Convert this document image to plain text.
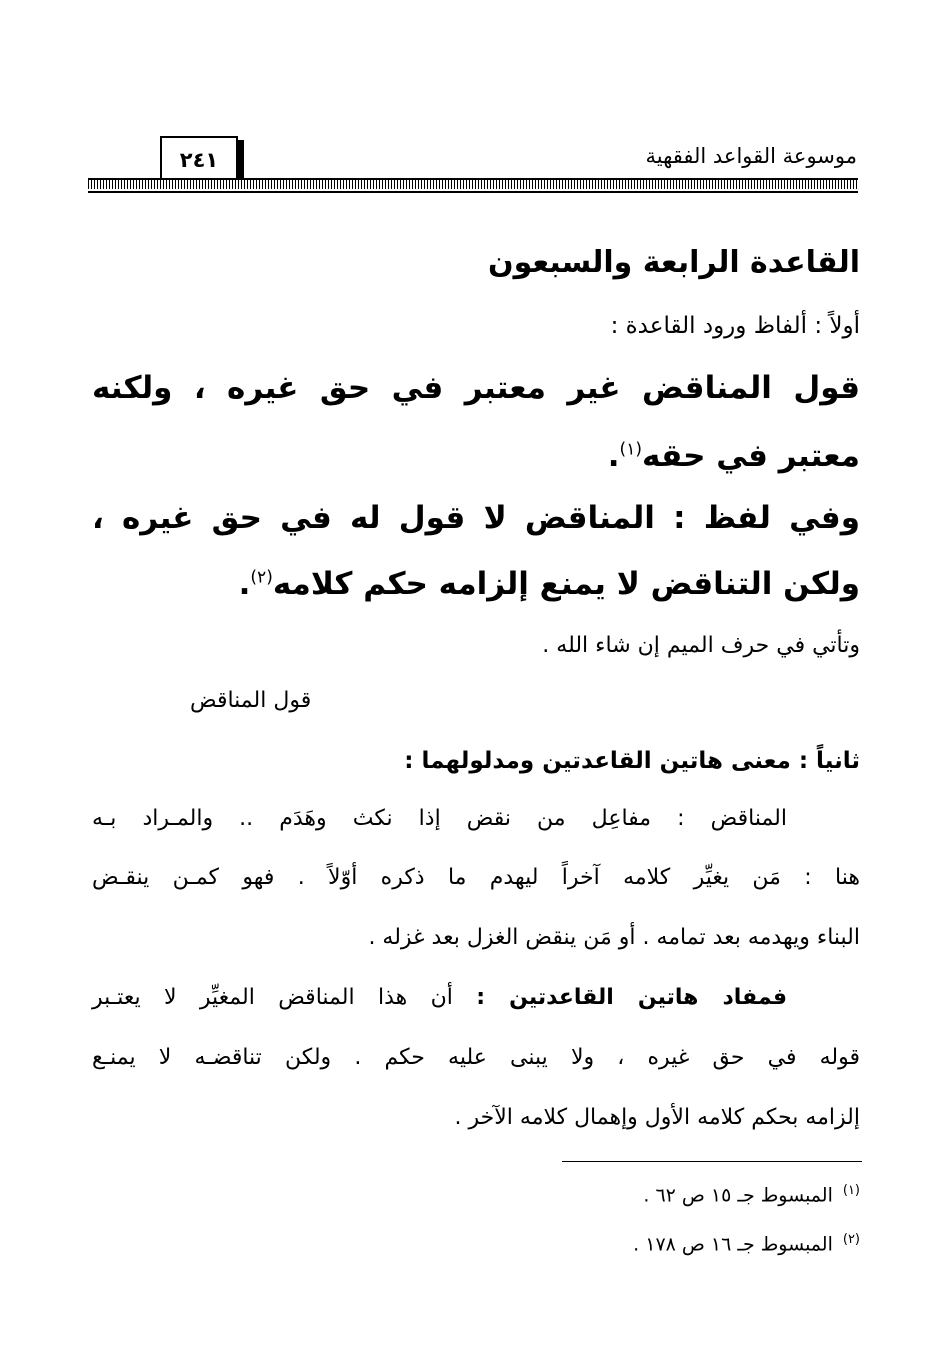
موسوعة القواعد الفقهية
٢٤١
القاعدة الرابعة والسبعون
أولاً : ألفاظ ورود القاعدة :
قول المناقض غير معتبر في حق غيره ، ولكنه
معتبر في حقه$^{(١)}$.
وفي لفظ : المناقض لا قول له في حق غيره ،
ولكن التناقض لا يمنع إلزامه حكم كلامه$^{(٢)}$.
وتأتي في حرف الميم إن شاء الله .
قول المناقض
ثانياً : معنى هاتين القاعدتين ومدلولهما :
المناقض : مفاعِل من نقض إذا نكث وهَدَم .. والمـراد بـه
هنا : مَن يغيِّر كلامه آخراً ليهدم ما ذكره أوّلاً . فهو كمـن ينقـض
البناء ويهدمه بعد تمامه . أو مَن ينقض الغزل بعد غزله .
فمفاد هاتين القاعدتين : أن هذا المناقض المغيِّر لا يعتـبر
قوله في حق غيره ، ولا يبنى عليه حكم . ولكن تناقضـه لا يمنـع
إلزامه بحكم كلامه الأول وإهمال كلامه الآخر .
$^{(١)}$المبسوط جـ ١٥ ص ٦٢ .
$^{(٢)}$المبسوط جـ ١٦ ص ١٧٨ .
